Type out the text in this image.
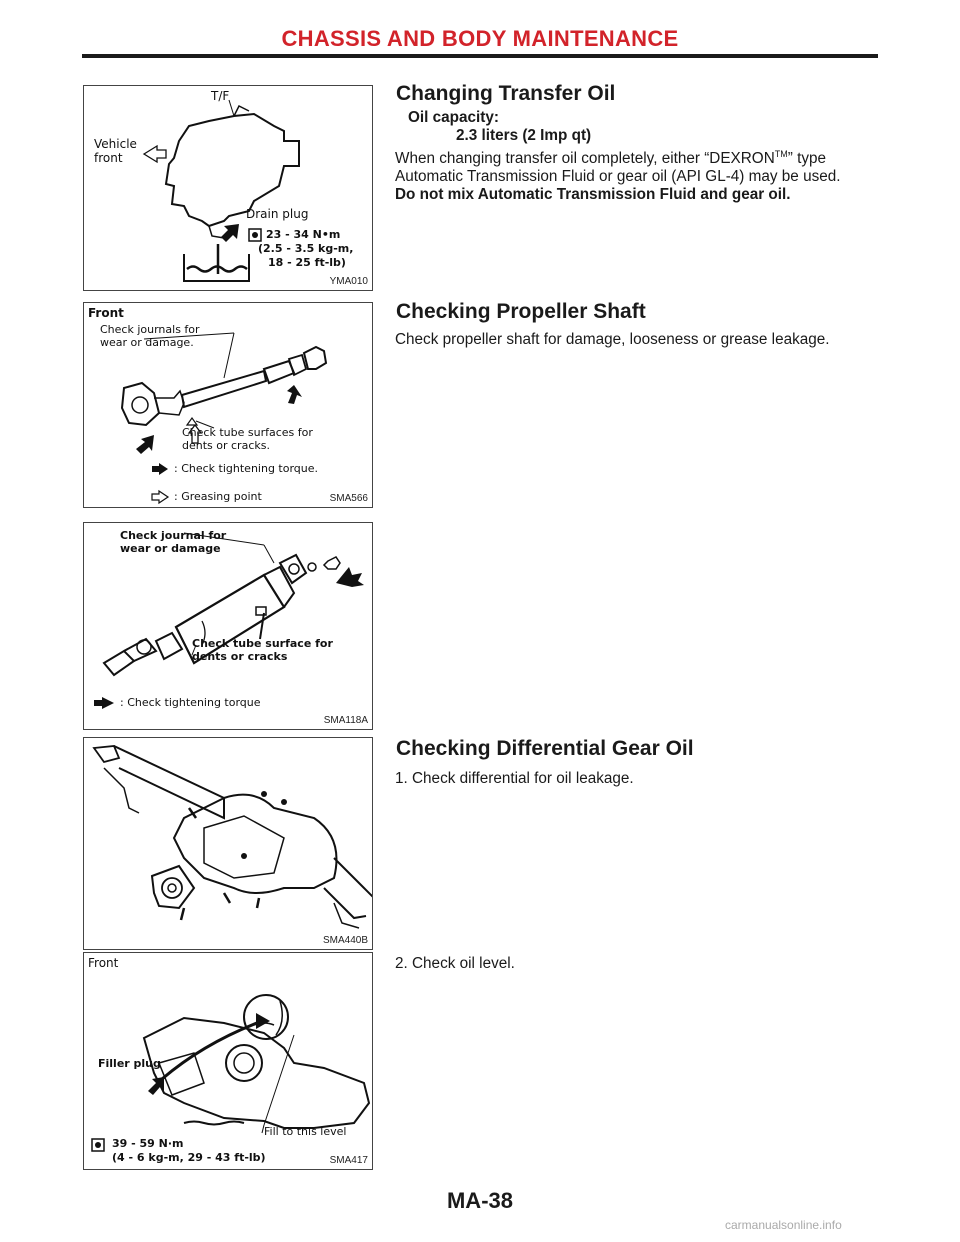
CHASSIS AND BODY MAINTENANCE
T/F
Vehicle
front
Drain plug
23 - 34 N•m
(2.5 - 3.5 kg-m,
18 - 25 ft-lb)
YMA010
Front
Check journals for
wear or damage.
Check tube surfaces for
dents or cracks.
: Check tightening torque.
: Greasing point	SMA566
Check journal for
wear or damage
Check tube surface for
dents or cracks
: Check tightening torque
SMA118A
SMA440B
Front
Filler plug
Fill to this level
39 - 59 N·m
(4 - 6 kg-m, 29 - 43 ft-lb)	SMA417
Changing Transfer Oil

Oil capacity:

2.3 liters (2 Imp qt)

When changing transfer oil completely, either “DEXRON™” type

Automatic Transmission Fluid or gear oil (API GL-4) may be used.

Do not mix Automatic Transmission Fluid and gear oil.

Checking Propeller Shaft

Check propeller shaft for damage, looseness or grease leakage.

Checking Differential Gear Oil

1. Check differential for oil leakage.

2. Check oil level.

MA-38
carmanualsonline.info
